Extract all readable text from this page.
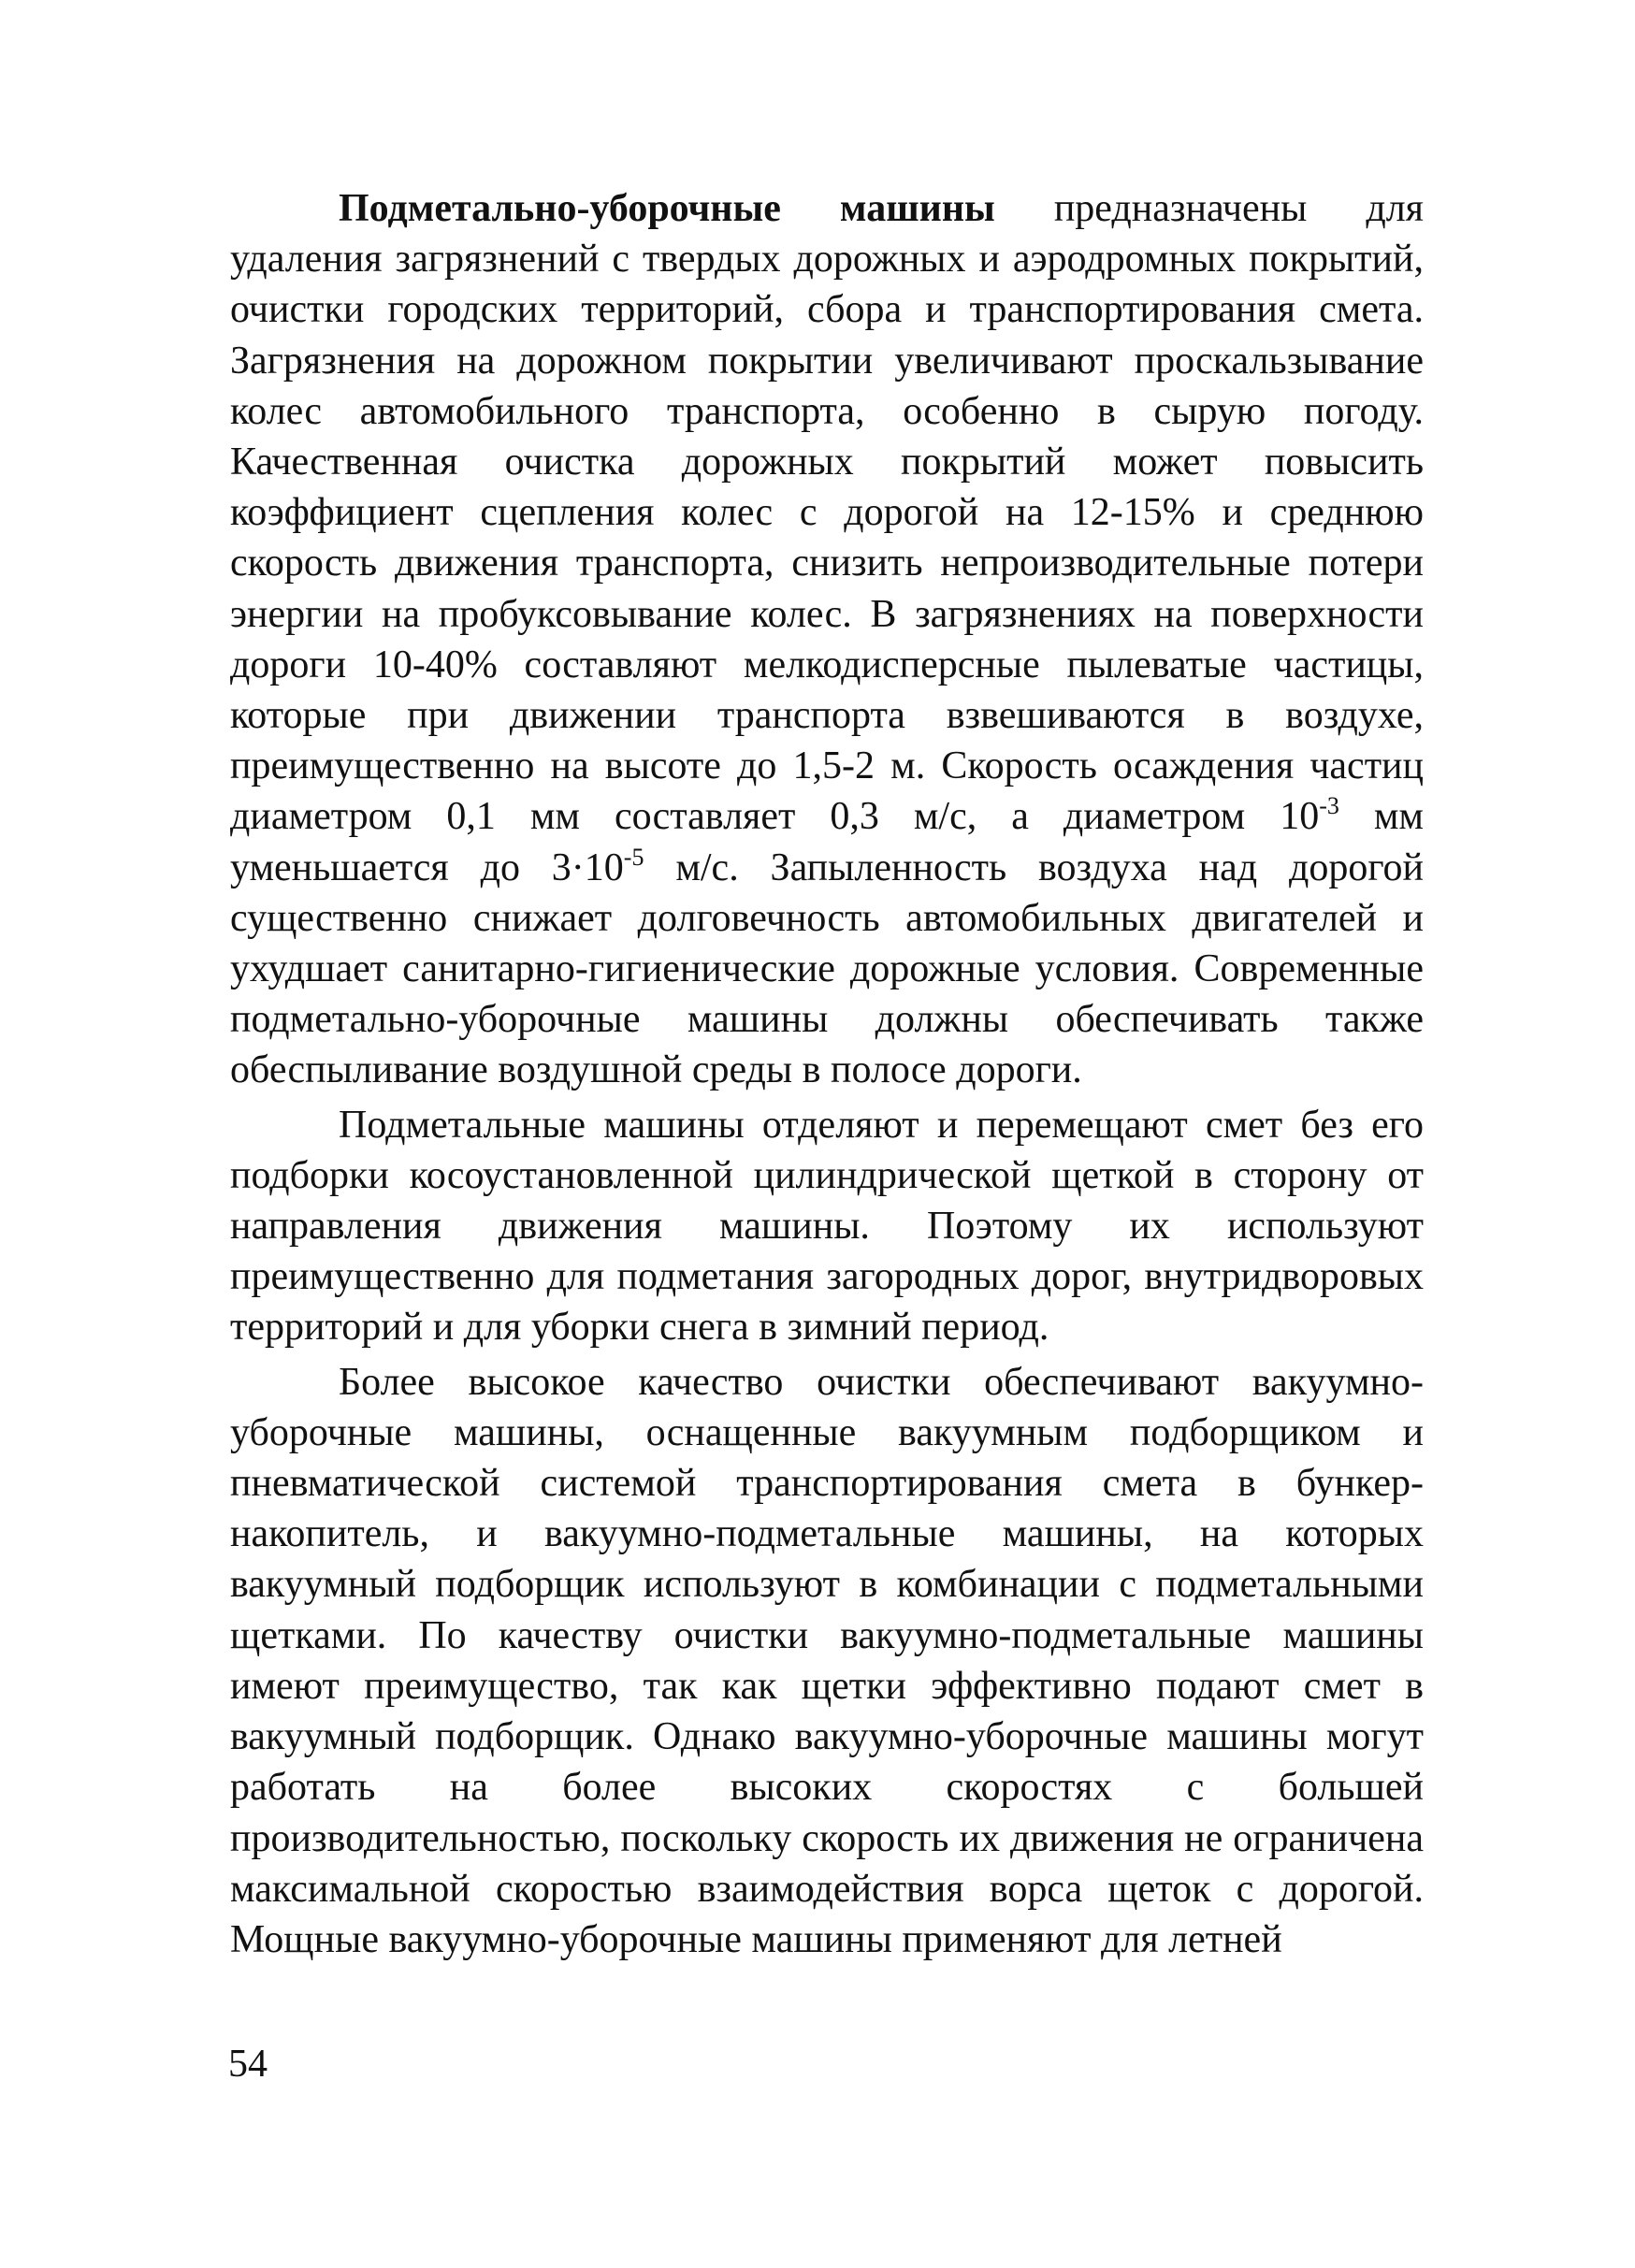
Подметально-уборочные машины предназначены для удаления загрязнений с твердых дорожных и аэродромных покрытий, очистки городских территорий, сбора и транспортирования смета. Загрязнения на дорожном покрытии увеличивают проскальзывание колес автомобильного транспорта, особенно в сырую погоду. Качественная очистка дорожных покрытий может повысить коэффициент сцепления колес с дорогой на 12-15% и среднюю скорость движения транспорта, снизить непроизводительные потери энергии на пробуксовывание колес. В загрязнениях на поверхности дороги 10-40% составляют мелкодисперсные пылеватые частицы, которые при движении транспорта взвешиваются в воздухе, преимущественно на высоте до 1,5-2 м. Скорость осаждения частиц диаметром 0,1 мм составляет 0,3 м/с, а диаметром $10^{-3}$ мм уменьшается до $3\cdot 10^{-5}$ м/с. Запыленность воздуха над дорогой существенно снижает долговечность автомобильных двигателей и ухудшает санитарно-гигиенические дорожные условия. Современные подметально-уборочные машины должны обеспечивать также обеспыливание воздушной среды в полосе дороги.

Подметальные машины отделяют и перемещают смет без его подборки косоустановленной цилиндрической щеткой в сторону от направления движения машины. Поэтому их используют преимущественно для подметания загородных дорог, внутридворовых территорий и для уборки снега в зимний период.

Более высокое качество очистки обеспечивают вакуумно-уборочные машины, оснащенные вакуумным подборщиком и пневматической системой транспортирования смета в бункер-накопитель, и вакуумно-подметальные машины, на которых вакуумный подборщик используют в комбинации с подметальными щетками. По качеству очистки вакуумно-подметальные машины имеют преимущество, так как щетки эффективно подают смет в вакуумный подборщик. Однако вакуумно-уборочные машины могут работать на более высоких скоростях с большей производительностью, поскольку скорость их движения не ограничена максимальной скоростью взаимодействия ворса щеток с дорогой. Мощные вакуумно-уборочные машины применяют для летней

54
